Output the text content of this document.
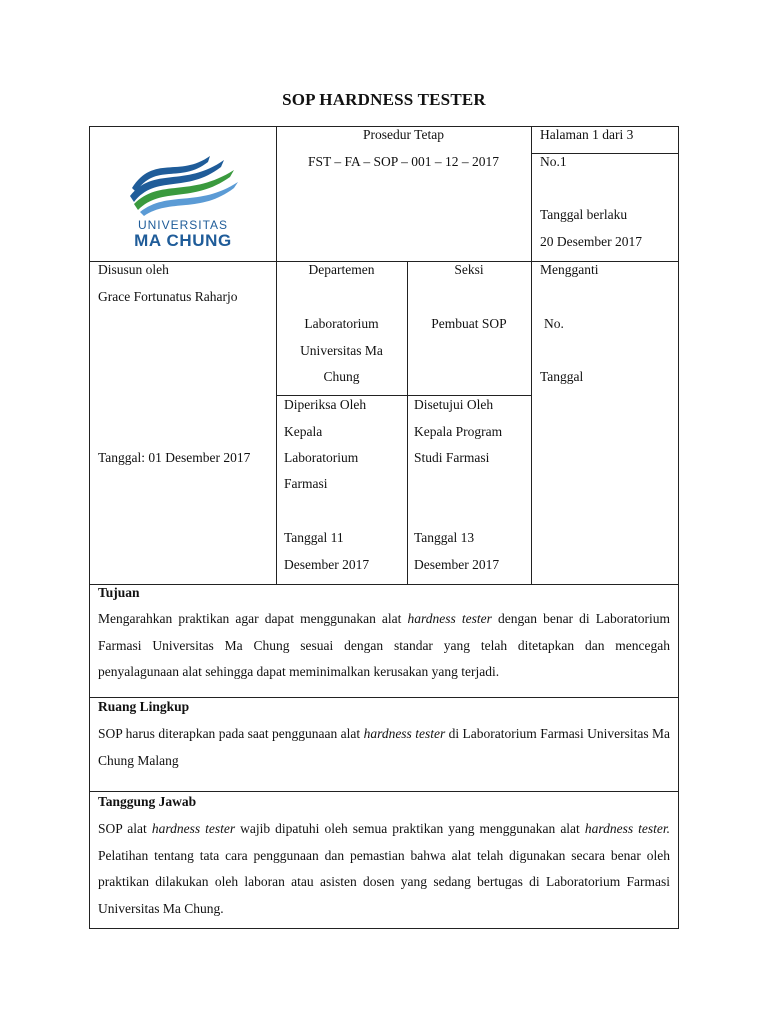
SOP HARDNESS TESTER
UNIVERSITAS
MA CHUNG
Prosedur Tetap
FST – FA – SOP – 001 – 12 – 2017
Halaman 1 dari 3
No.1
Tanggal berlaku
20 Desember 2017
Disusun oleh
Grace Fortunatus Raharjo
Tanggal: 01 Desember 2017
Departemen
Laboratorium
Universitas Ma
Chung
Seksi
Pembuat SOP
Mengganti
No.
Tanggal
Diperiksa Oleh
Kepala
Laboratorium
Farmasi
Tanggal 11
Desember 2017
Disetujui Oleh
Kepala Program
Studi Farmasi
Tanggal 13
Desember 2017
Tujuan
Mengarahkan praktikan agar dapat menggunakan alat hardness tester dengan benar di Laboratorium Farmasi Universitas Ma Chung sesuai dengan standar yang telah ditetapkan dan mencegah penyalagunaan alat sehingga dapat meminimalkan kerusakan yang terjadi.
Ruang Lingkup
SOP harus diterapkan pada saat penggunaan alat hardness tester di Laboratorium Farmasi Universitas Ma Chung Malang
Tanggung Jawab
SOP alat hardness tester wajib dipatuhi oleh semua praktikan yang menggunakan alat hardness tester. Pelatihan tentang tata cara penggunaan dan pemastian bahwa alat telah digunakan secara benar oleh praktikan dilakukan oleh laboran atau asisten dosen yang sedang bertugas di Laboratorium Farmasi Universitas Ma Chung.
